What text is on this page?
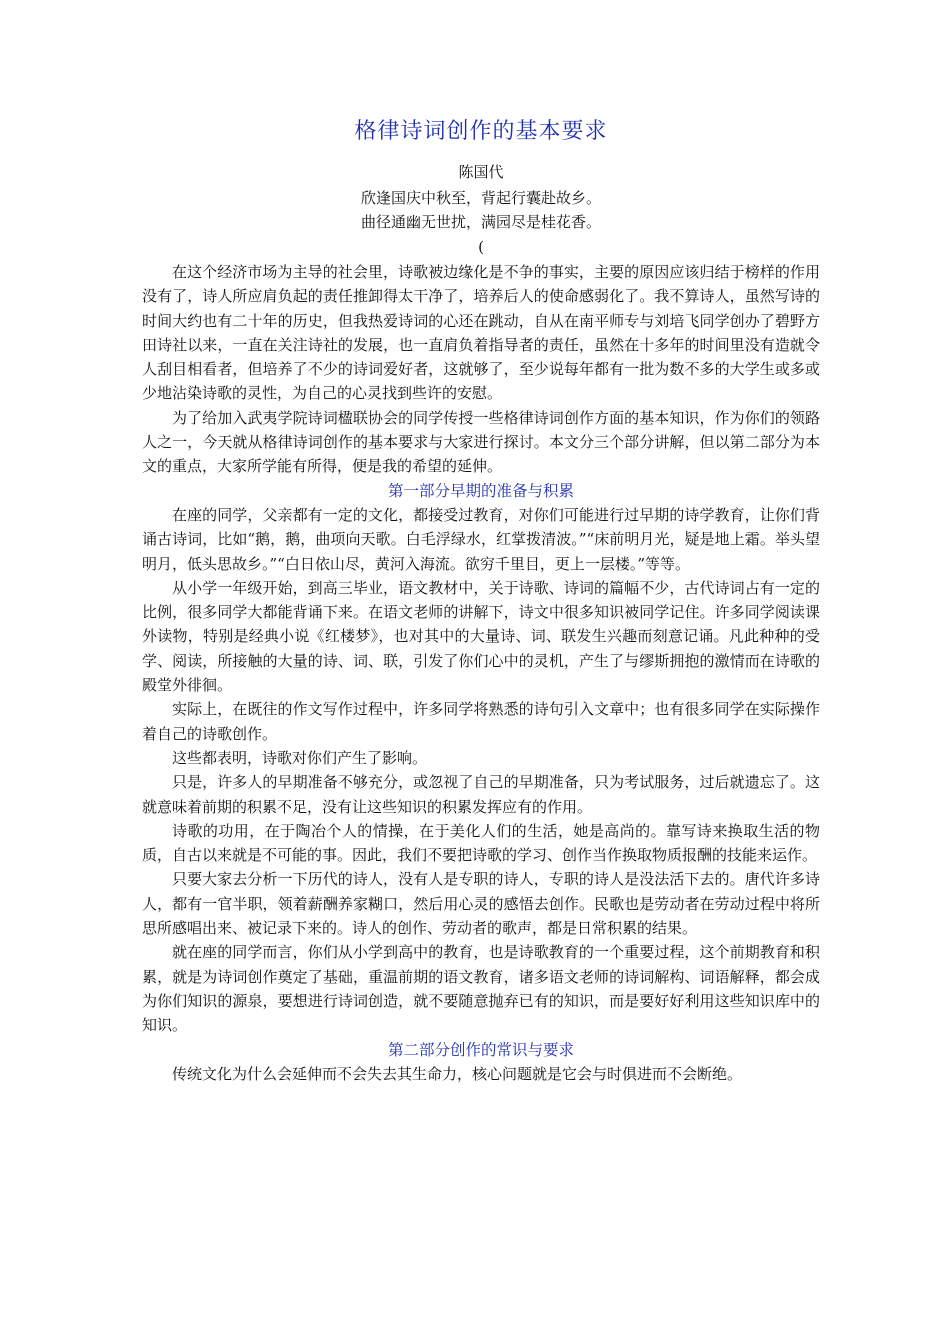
格律诗词创作的基本要求
陈国代
欣逢国庆中秋至，背起行囊赴故乡。
曲径通幽无世扰，满园尽是桂花香。
(

在这个经济市场为主导的社会里，诗歌被边缘化是不争的事实，主要的原因应该归结于榜样的作用没有了，诗人所应肩负起的责任推卸得太干净了，培养后人的使命感弱化了。我不算诗人，虽然写诗的时间大约也有二十年的历史，但我热爱诗词的心还在跳动，自从在南平师专与刘培飞同学创办了碧野方田诗社以来，一直在关注诗社的发展，也一直肩负着指导者的责任，虽然在十多年的时间里没有造就令人刮目相看者，但培养了不少的诗词爱好者，这就够了，至少说每年都有一批为数不多的大学生或多或少地沾染诗歌的灵性，为自己的心灵找到些许的安慰。

为了给加入武夷学院诗词楹联协会的同学传授一些格律诗词创作方面的基本知识，作为你们的领路人之一，今天就从格律诗词创作的基本要求与大家进行探讨。本文分三个部分讲解，但以第二部分为本文的重点，大家所学能有所得，便是我的希望的延伸。

第一部分早期的准备与积累

在座的同学，父亲都有一定的文化，都接受过教育，对你们可能进行过早期的诗学教育，让你们背诵古诗词，比如“鹅，鹅，曲项向天歌。白毛浮绿水，红掌拨清波。”“床前明月光，疑是地上霜。举头望明月，低头思故乡。”“白日依山尽，黄河入海流。欲穷千里目，更上一层楼。”等等。

从小学一年级开始，到高三毕业，语文教材中，关于诗歌、诗词的篇幅不少，古代诗词占有一定的比例，很多同学大都能背诵下来。在语文老师的讲解下，诗文中很多知识被同学记住。许多同学阅读课外读物，特别是经典小说《红楼梦》，也对其中的大量诗、词、联发生兴趣而刻意记诵。凡此种种的受学、阅读，所接触的大量的诗、词、联，引发了你们心中的灵机，产生了与缪斯拥抱的激情而在诗歌的殿堂外徘徊。

实际上，在既往的作文写作过程中，许多同学将熟悉的诗句引入文章中；也有很多同学在实际操作着自己的诗歌创作。

这些都表明，诗歌对你们产生了影响。

只是，许多人的早期准备不够充分，或忽视了自己的早期准备，只为考试服务，过后就遗忘了。这就意味着前期的积累不足，没有让这些知识的积累发挥应有的作用。

诗歌的功用，在于陶冶个人的情操，在于美化人们的生活，她是高尚的。靠写诗来换取生活的物质，自古以来就是不可能的事。因此，我们不要把诗歌的学习、创作当作换取物质报酬的技能来运作。

只要大家去分析一下历代的诗人，没有人是专职的诗人，专职的诗人是没法活下去的。唐代许多诗人，都有一官半职，领着薪酬养家糊口，然后用心灵的感悟去创作。民歌也是劳动者在劳动过程中将所思所感唱出来、被记录下来的。诗人的创作、劳动者的歌声，都是日常积累的结果。

就在座的同学而言，你们从小学到高中的教育，也是诗歌教育的一个重要过程，这个前期教育和积累，就是为诗词创作奠定了基础，重温前期的语文教育，诸多语文老师的诗词解构、词语解释，都会成为你们知识的源泉，要想进行诗词创造，就不要随意抛弃已有的知识，而是要好好利用这些知识库中的知识。

第二部分创作的常识与要求

传统文化为什么会延伸而不会失去其生命力，核心问题就是它会与时俱进而不会断绝。
